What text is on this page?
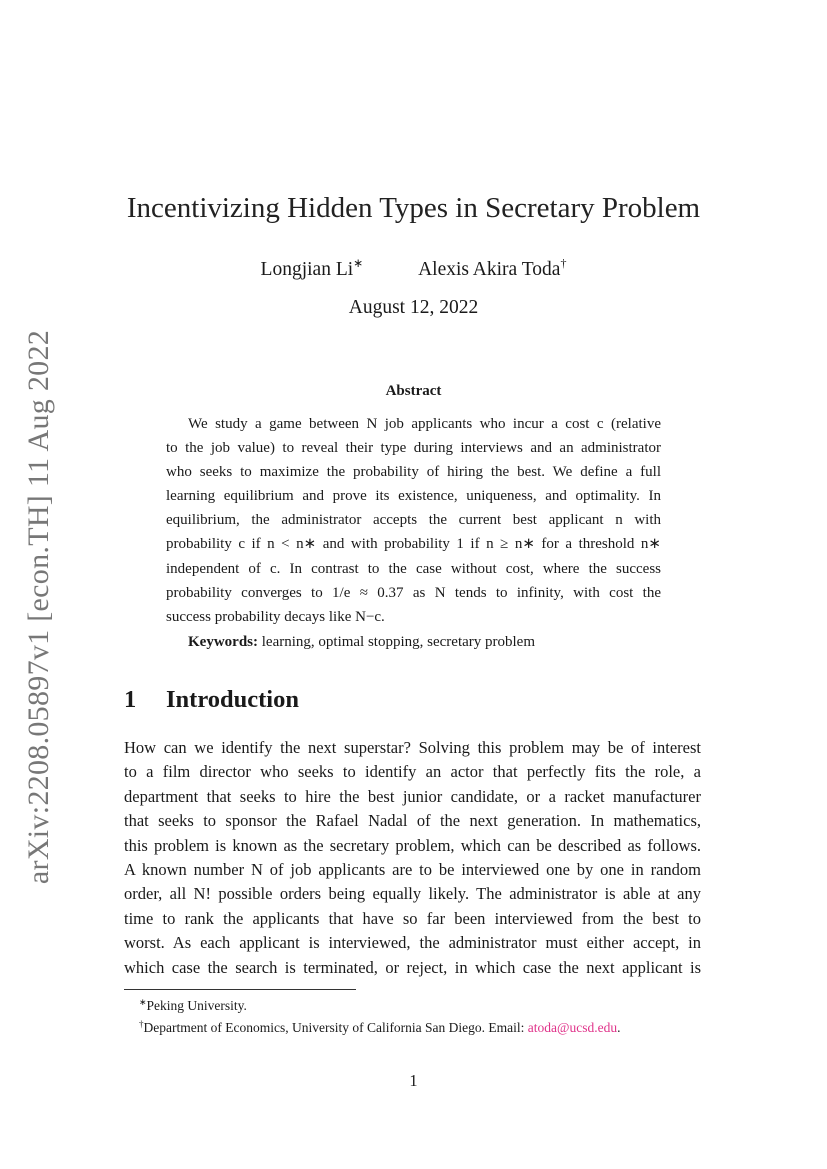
arXiv:2208.05897v1 [econ.TH] 11 Aug 2022
Incentivizing Hidden Types in Secretary Problem
Longjian Li∗	Alexis Akira Toda†
August 12, 2022
Abstract
We study a game between N job applicants who incur a cost c (relative
to the job value) to reveal their type during interviews and an administrator
who seeks to maximize the probability of hiring the best. We define a full
learning equilibrium and prove its existence, uniqueness, and optimality. In
equilibrium, the administrator accepts the current best applicant n with
probability c if n < n∗ and with probability 1 if n ≥ n∗ for a threshold n∗
independent of c. In contrast to the case without cost, where the success
probability converges to 1/e ≈ 0.37 as N tends to infinity, with cost the
success probability decays like N−c.
Keywords: learning, optimal stopping, secretary problem
1 Introduction
How can we identify the next superstar? Solving this problem may be of interest
to a film director who seeks to identify an actor that perfectly fits the role, a
department that seeks to hire the best junior candidate, or a racket manufacturer
that seeks to sponsor the Rafael Nadal of the next generation. In mathematics,
this problem is known as the secretary problem, which can be described as follows.
A known number N of job applicants are to be interviewed one by one in random
order, all N! possible orders being equally likely. The administrator is able at any
time to rank the applicants that have so far been interviewed from the best to
worst. As each applicant is interviewed, the administrator must either accept, in
which case the search is terminated, or reject, in which case the next applicant is
∗Peking University.
†Department of Economics, University of California San Diego. Email: atoda@ucsd.edu.
1
